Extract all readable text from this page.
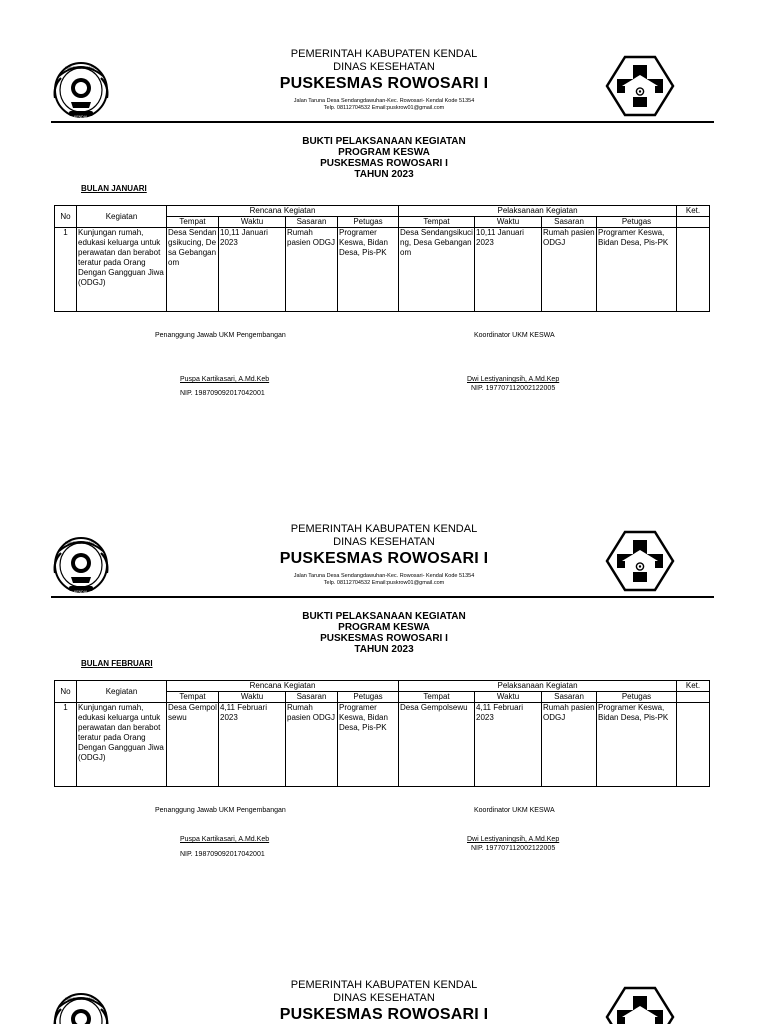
KABUPATEN KENDAL
KENDAL
PEMERINTAH KABUPATEN KENDAL
DINAS KESEHATAN
PUSKESMAS ROWOSARI I
Jalan Taruna Desa Sendangdawuhan-Kec. Rowosari- Kendal Kode 51354
Telp. 08112704532 Email:puskrow01@gmail.com
BUKTI PELAKSANAAN KEGIATAN
PROGRAM KESWA
PUSKESMAS ROWOSARI I
TAHUN 2023
BULAN JANUARI
No	Kegiatan	Rencana Kegiatan				Pelaksanaan Kegiatan				Ket.
		Tempat	Waktu	Sasaran	Petugas	Tempat	Waktu	Sasaran	Petugas	
1	Kunjungan rumah, edukasi keluarga untuk perawatan dan berabot teratur pada Orang Dengan Gangguan Jiwa (ODGJ)	Desa Sendangsikucing, Desa Gebanganom	10,11 Januari 2023	Rumah pasien ODGJ	Programer Keswa, Bidan Desa, Pis-PK	Desa Sendangsikucing, Desa Gebanganom	10,11 Januari 2023	Rumah pasien ODGJ	Programer Keswa, Bidan Desa, Pis-PK	
Penanggung Jawab UKM Pengembangan
Puspa Kartikasari, A.Md.Keb
NIP. 198709092017042001
Koordinator UKM KESWA
Dwi Lestiyaningsih, A.Md.Kep
NIP. 197707112002122005
KABUPATEN KENDAL
KENDAL
PEMERINTAH KABUPATEN KENDAL
DINAS KESEHATAN
PUSKESMAS ROWOSARI I
Jalan Taruna Desa Sendangdawuhan-Kec. Rowosari- Kendal Kode 51354
Telp. 08112704532 Email:puskrow01@gmail.com
BUKTI PELAKSANAAN KEGIATAN
PROGRAM KESWA
PUSKESMAS ROWOSARI I
TAHUN 2023
BULAN FEBRUARI
No	Kegiatan	Rencana Kegiatan				Pelaksanaan Kegiatan				Ket.
		Tempat	Waktu	Sasaran	Petugas	Tempat	Waktu	Sasaran	Petugas	
1	Kunjungan rumah, edukasi keluarga untuk perawatan dan berabot teratur pada Orang Dengan Gangguan Jiwa (ODGJ)	Desa Gempolsewu	4,11 Februari 2023	Rumah pasien ODGJ	Programer Keswa, Bidan Desa, Pis-PK	Desa Gempolsewu	4,11 Februari 2023	Rumah pasien ODGJ	Programer Keswa, Bidan Desa, Pis-PK	
Penanggung Jawab UKM Pengembangan
Puspa Kartikasari, A.Md.Keb
NIP. 198709092017042001
Koordinator UKM KESWA
Dwi Lestiyaningsih, A.Md.Kep
NIP. 197707112002122005
KABUPATEN KENDAL
PEMERINTAH KABUPATEN KENDAL
DINAS KESEHATAN
PUSKESMAS ROWOSARI I
